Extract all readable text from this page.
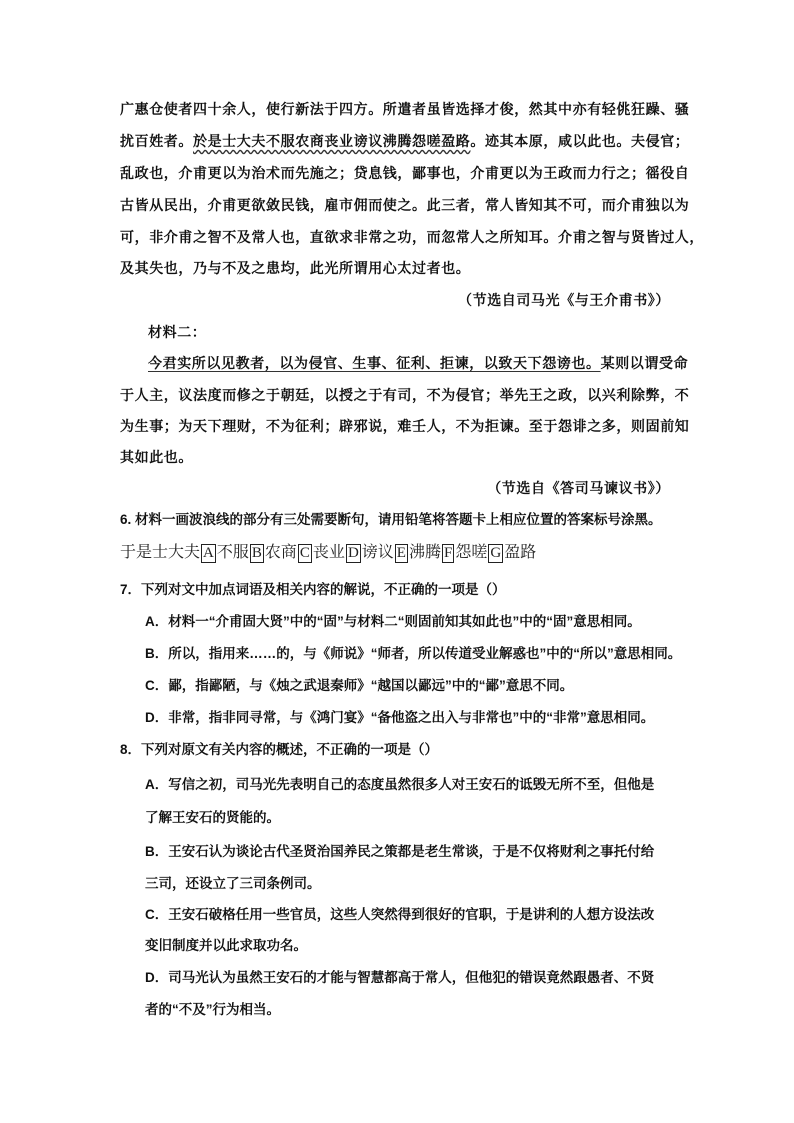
广惠仓使者四十余人，使行新法于四方。所遣者虽皆选择才俊，然其中亦有轻佻狂躁、骚
扰百姓者。於是士大夫不服农商丧业谤议沸腾怨嗟盈路。迹其本原，咸以此也。夫侵官；
乱政也，介甫更以为治术而先施之；贷息钱，鄙事也，介甫更以为王政而力行之；徭役自
古皆从民出，介甫更欲敛民钱，雇市佣而使之。此三者，常人皆知其不可，而介甫独以为
可，非介甫之智不及常人也，直欲求非常之功，而忽常人之所知耳。介甫之智与贤皆过人，
及其失也，乃与不及之患均，此光所谓用心太过者也。
（节选自司马光《与王介甫书》）
材料二：
今君实所以见教者，以为侵官、生事、征利、拒谏，以致天下怨谤也。某则以谓受命
于人主，议法度而修之于朝廷，以授之于有司，不为侵官；举先王之政，以兴利除弊，不
为生事；为天下理财，不为征利；辟邪说，难壬人，不为拒谏。至于怨诽之多，则固前知
其如此也。
（节选自《答司马谏议书》）
6. 材料一画波浪线的部分有三处需要断句，请用铅笔将答题卡上相应位置的答案标号涂黑。
于是士大夫 A 不服 B 农商 C 丧业 D 谤议 E 沸腾 F 怨嗟 G 盈路
7．下列对文中加点词语及相关内容的解说，不正确的一项是（）
A．材料一“介甫固大贤”中的“固”与材料二“则固前知其如此也”中的“固”意思相同。
B．所以，指用来……的，与《师说》“师者，所以传道受业解惑也”中的“所以”意思相同。
C．鄙，指鄙陋，与《烛之武退秦师》“越国以鄙远”中的“鄙”意思不同。
D．非常，指非同寻常，与《鸿门宴》“备他盗之出入与非常也”中的“非常”意思相同。
8．下列对原文有关内容的概述，不正确的一项是（）
A．写信之初，司马光先表明自己的态度虽然很多人对王安石的诋毁无所不至，但他是
了解王安石的贤能的。
B．王安石认为谈论古代圣贤治国养民之策都是老生常谈，于是不仅将财利之事托付给
三司，还设立了三司条例司。
C．王安石破格任用一些官员，这些人突然得到很好的官职，于是讲利的人想方设法改
变旧制度并以此求取功名。
D．司马光认为虽然王安石的才能与智慧都高于常人，但他犯的错误竟然跟愚者、不贤
者的“不及”行为相当。
